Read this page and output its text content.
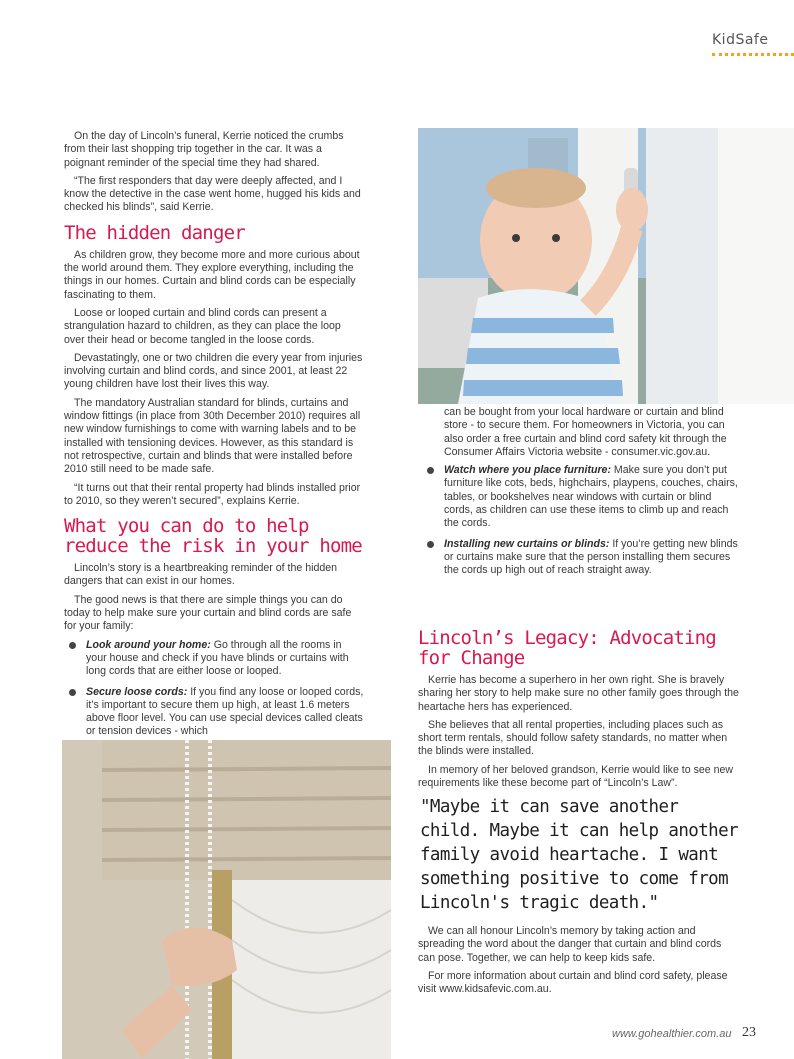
KidSafe

On the day of Lincoln’s funeral, Kerrie noticed the crumbs from their last shopping trip together in the car. It was a poignant reminder of the special time they had shared.

“The first responders that day were deeply affected, and I know the detective in the case went home, hugged his kids and checked his blinds”, said Kerrie.

The hidden danger

As children grow, they become more and more curious about the world around them. They explore everything, including the things in our homes. Curtain and blind cords can be especially fascinating to them.

Loose or looped curtain and blind cords can present a strangulation hazard to children, as they can place the loop over their head or become tangled in the loose cords.

Devastatingly, one or two children die every year from injuries involving curtain and blind cords, and since 2001, at least 22 young children have lost their lives this way.

The mandatory Australian standard for blinds, curtains and window fittings (in place from 30th December 2010) requires all new window furnishings to come with warning labels and to be installed with tensioning devices. However, as this standard is not retrospective, curtain and blinds that were installed before 2010 still need to be made safe.

“It turns out that their rental property had blinds installed prior to 2010, so they weren’t secured”, explains Kerrie.

What you can do to help reduce the risk in your home

Lincoln’s story is a heartbreaking reminder of the hidden dangers that can exist in our homes.

The good news is that there are simple things you can do today to help make sure your curtain and blind cords are safe for your family:

Look around your home: Go through all the rooms in your house and check if you have blinds or curtains with long cords that are either loose or looped.
Secure loose cords: If you find any loose or looped cords, it’s important to secure them up high, at least 1.6 meters above floor level. You can use special devices called cleats or tension devices - which

can be bought from your local hardware or curtain and blind store - to secure them. For homeowners in Victoria, you can also order a free curtain and blind cord safety kit through the Consumer Affairs Victoria website - consumer.vic.gov.au.

Watch where you place furniture: Make sure you don’t put furniture like cots, beds, highchairs, playpens, couches, chairs, tables, or bookshelves near windows with curtain or blind cords, as children can use these items to climb up and reach the cords.
Installing new curtains or blinds: If you’re getting new blinds or curtains make sure that the person installing them secures the cords up high out of reach straight away.
Lincoln’s Legacy: Advocating for Change

Kerrie has become a superhero in her own right. She is bravely sharing her story to help make sure no other family goes through the heartache hers has experienced.

She believes that all rental properties, including places such as short term rentals, should follow safety standards, no matter when the blinds were installed.

In memory of her beloved grandson, Kerrie would like to see new requirements like these become part of “Lincoln’s Law”.

"Maybe it can save another child. Maybe it can help another family avoid heartache. I want something positive to come from Lincoln's tragic death."

We can all honour Lincoln’s memory by taking action and spreading the word about the danger that curtain and blind cords can pose. Together, we can help to keep kids safe.

For more information about curtain and blind cord safety, please visit www.kidsafevic.com.au.

www.gohealthier.com.au 23
